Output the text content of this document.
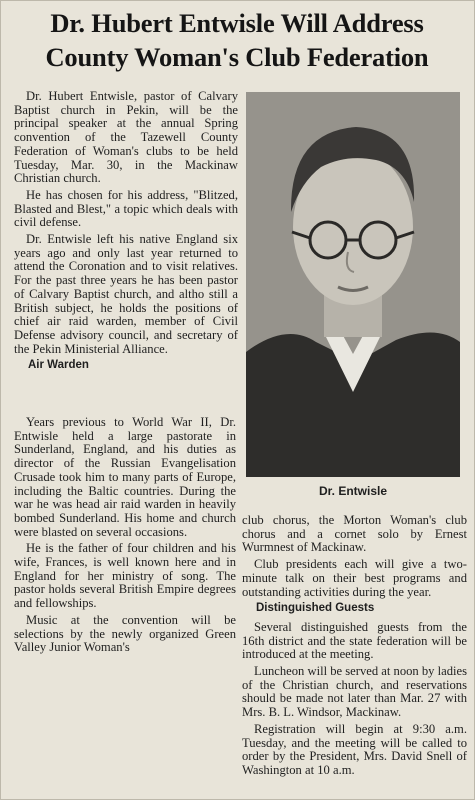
Dr. Hubert Entwisle Will Address
County Woman's Club Federation

Dr. Hubert Entwisle, pastor of Calvary Baptist church in Pekin, will be the principal speaker at the annual Spring convention of the Tazewell County Federation of Woman's clubs to be held Tuesday, Mar. 30, in the Mackinaw Christian church.

He has chosen for his address, "Blitzed, Blasted and Blest," a topic which deals with civil defense.

Dr. Entwisle left his native England six years ago and only last year returned to attend the Coronation and to visit relatives. For the past three years he has been pastor of Calvary Baptist church, and altho still a British subject, he holds the positions of chief air raid warden, member of Civil Defense advisory council, and secretary of the Pekin Ministerial Alliance.

Air Warden

Years previous to World War II, Dr. Entwisle held a large pastorate in Sunderland, England, and his duties as director of the Russian Evangelisation Crusade took him to many parts of Europe, including the Baltic countries. During the war he was head air raid warden in heavily bombed Sunderland. His home and church were blasted on several occasions.

He is the father of four children and his wife, Frances, is well known here and in England for her ministry of song. The pastor holds several British Empire degrees and fellowships.

Music at the convention will be selections by the newly organized Green Valley Junior Woman's

Dr. Entwisle

club chorus, the Morton Woman's club chorus and a cornet solo by Ernest Wurmnest of Mackinaw.

Club presidents each will give a two-minute talk on their best programs and outstanding activities during the year.

Distinguished Guests

Several distinguished guests from the 16th district and the state federation will be introduced at the meeting.

Luncheon will be served at noon by ladies of the Christian church, and reservations should be made not later than Mar. 27 with Mrs. B. L. Windsor, Mackinaw.

Registration will begin at 9:30 a.m. Tuesday, and the meeting will be called to order by the President, Mrs. David Snell of Washington at 10 a.m.
